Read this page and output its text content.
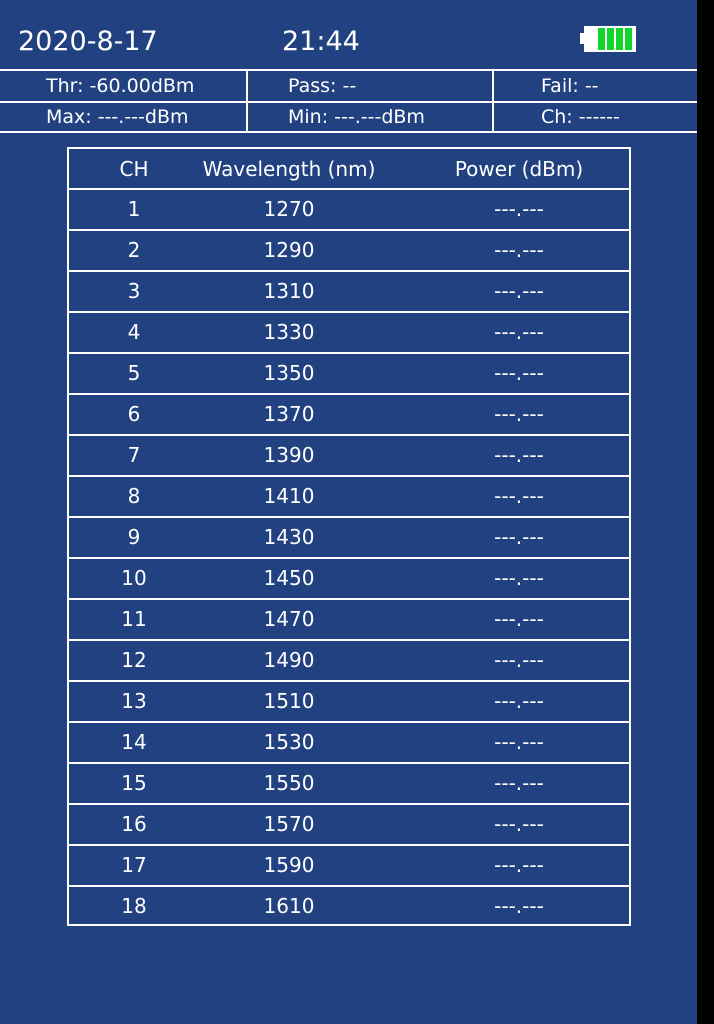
2020-8-17	21:44
Thr: -60.00dBm	Pass: --	Fail: --
Max: ---.---dBm	Min: ---.---dBm	Ch: ------
CH	Wavelength (nm)	Power (dBm)
1	1270	---.---
2	1290	---.---
3	1310	---.---
4	1330	---.---
5	1350	---.---
6	1370	---.---
7	1390	---.---
8	1410	---.---
9	1430	---.---
10	1450	---.---
11	1470	---.---
12	1490	---.---
13	1510	---.---
14	1530	---.---
15	1550	---.---
16	1570	---.---
17	1590	---.---
18	1610	---.---
